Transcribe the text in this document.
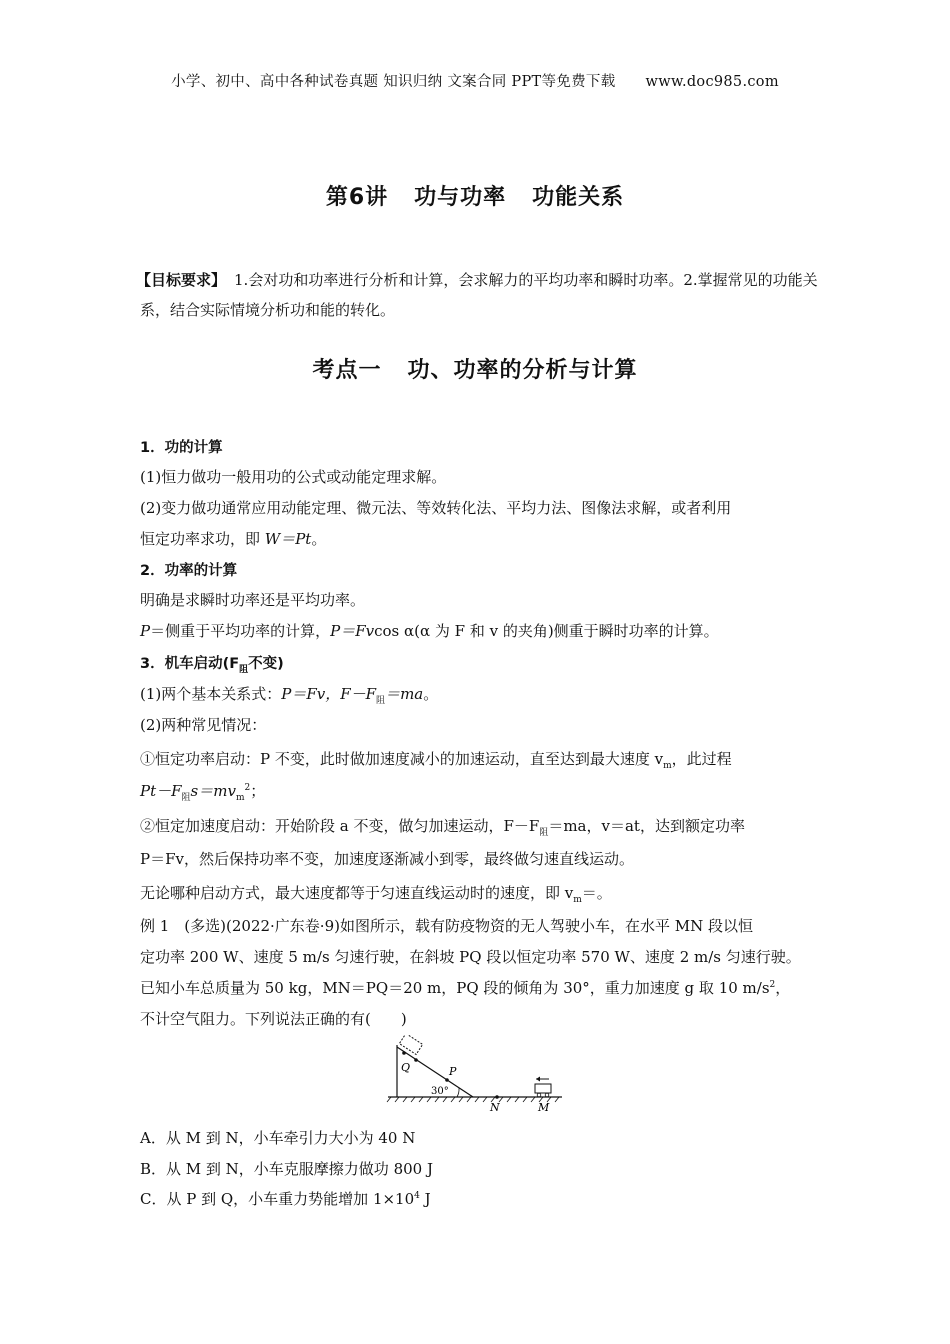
小学、初中、高中各种试卷真题 知识归纳 文案合同 PPT等免费下载 www.doc985.com
第6讲 功与功率 功能关系
【目标要求】 1.会对功和功率进行分析和计算，会求解力的平均功率和瞬时功率。2.掌握常见的功能关系，结合实际情境分析功和能的转化。
考点一 功、功率的分析与计算
1．功的计算
(1)恒力做功一般用功的公式或动能定理求解。
(2)变力做功通常应用动能定理、微元法、等效转化法、平均力法、图像法求解，或者利用
恒定功率求功，即 W＝Pt。
2．功率的计算
明确是求瞬时功率还是平均功率。
P＝侧重于平均功率的计算，P＝Fvcos α(α 为 F 和 v 的夹角)侧重于瞬时功率的计算。
3．机车启动($F_阻$不变)
(1)两个基本关系式：P＝Fv，$F-F_阻=ma$。
(2)两种常见情况：
①恒定功率启动：P 不变，此时做加速度减小的加速运动，直至达到最大速度 $v_m$，此过程
$Pt-F_阻s=mv_m^2$；
②恒定加速度启动：开始阶段 a 不变，做匀加速运动，$F-F_阻=ma$，v＝at，达到额定功率
P＝Fv，然后保持功率不变，加速度逐渐减小到零，最终做匀速直线运动。
无论哪种启动方式，最大速度都等于匀速直线运动时的速度，即 $v_m=$。
例 1　(多选)(2022·广东卷·9)如图所示，载有防疫物资的无人驾驶小车，在水平 MN 段以恒
定功率 200 W、速度 5 m/s 匀速行驶，在斜坡 PQ 段以恒定功率 570 W、速度 2 m/s 匀速行驶。
已知小车总质量为 50 kg，MN＝PQ＝20 m，PQ 段的倾角为 30°，重力加速度 g 取 10 $m/s^2$，
不计空气阻力。下列说法正确的有(　　)
Q	P
30°
N	M
A．从 M 到 N，小车牵引力大小为 40 N
B．从 M 到 N，小车克服摩擦力做功 800 J
C．从 P 到 Q，小车重力势能增加 $1\times 10^4$ J
